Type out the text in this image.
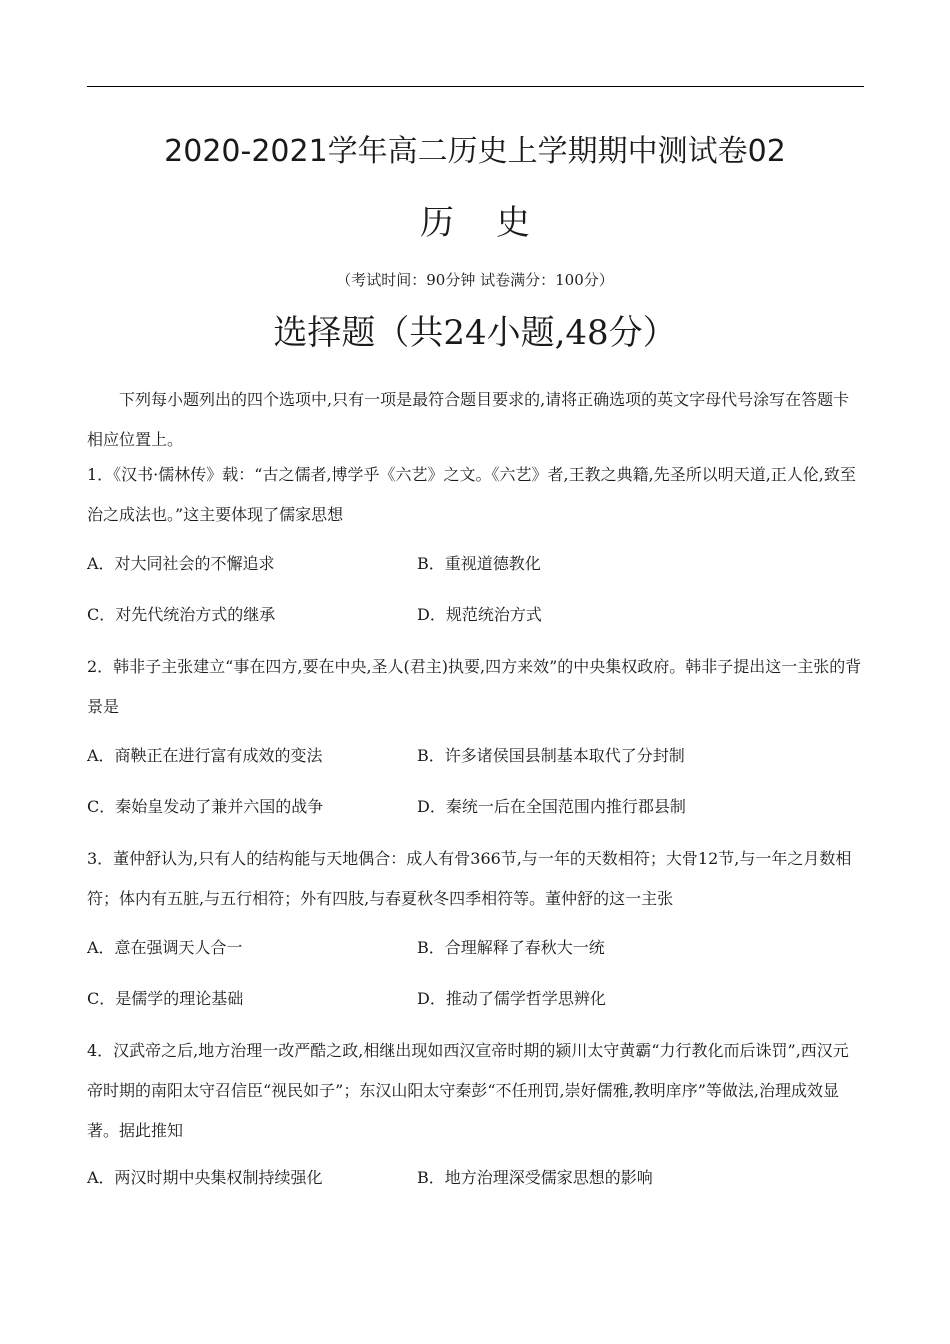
2020-2021学年高二历史上学期期中测试卷02
历 史
（考试时间：90分钟 试卷满分：100分）
选择题（共24小题,48分）
下列每小题列出的四个选项中,只有一项是最符合题目要求的,请将正确选项的英文字母代号涂写在答题卡相应位置上。
1．《汉书·儒林传》载：“古之儒者,博学乎《六艺》之文。《六艺》者,王教之典籍,先圣所以明天道,正人伦,致至治之成法也。”这主要体现了儒家思想
A．对大同社会的不懈追求	B．重视道德教化
C．对先代统治方式的继承	D．规范统治方式
2．韩非子主张建立“事在四方,要在中央,圣人(君主)执要,四方来效”的中央集权政府。韩非子提出这一主张的背景是
A．商鞅正在进行富有成效的变法	B．许多诸侯国县制基本取代了分封制
C．秦始皇发动了兼并六国的战争	D．秦统一后在全国范围内推行郡县制
3．董仲舒认为,只有人的结构能与天地偶合：成人有骨366节,与一年的天数相符；大骨12节,与一年之月数相符；体内有五脏,与五行相符；外有四肢,与春夏秋冬四季相符等。董仲舒的这一主张
A．意在强调天人合一	B．合理解释了春秋大一统
C．是儒学的理论基础	D．推动了儒学哲学思辨化
4．汉武帝之后,地方治理一改严酷之政,相继出现如西汉宣帝时期的颍川太守黄霸“力行教化而后诛罚”,西汉元帝时期的南阳太守召信臣“视民如子”；东汉山阳太守秦彭“不任刑罚,崇好儒雅,教明庠序”等做法,治理成效显著。据此推知
A．两汉时期中央集权制持续强化	B．地方治理深受儒家思想的影响
